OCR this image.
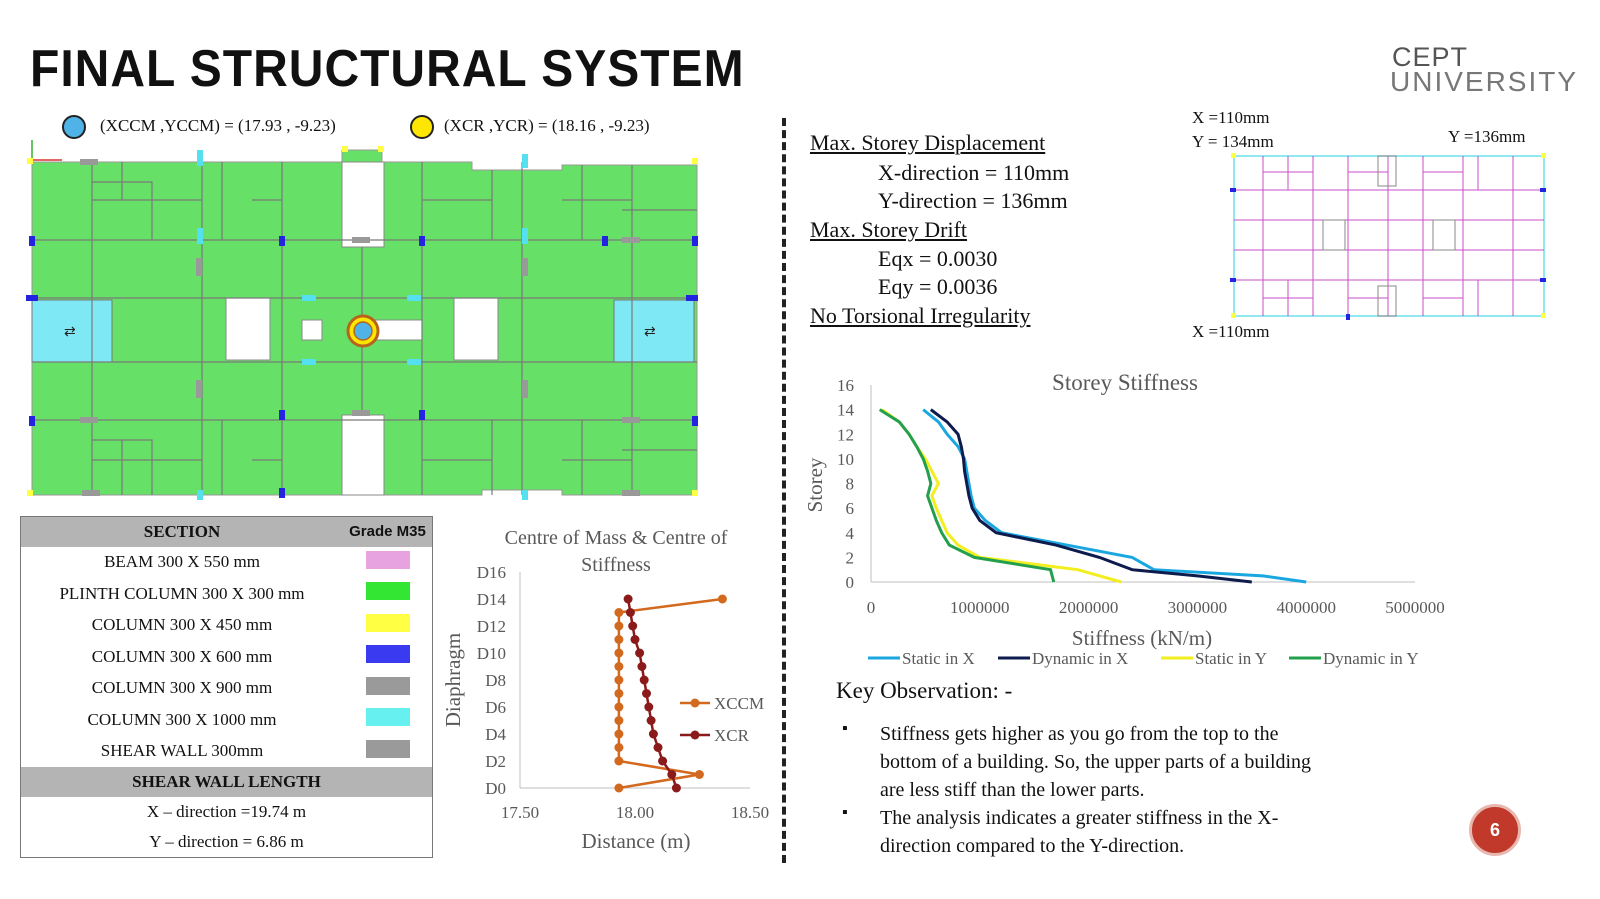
FINAL STRUCTURAL SYSTEM	CEPT
UNIVERSITY
(XCCM ,YCCM) = (17.93 , -9.23)	(XCR ,YCR) = (18.16 , -9.23)
⇄	⇄
SECTION	Grade M35
BEAM 300 X 550 mm	
PLINTH COLUMN 300 X 300 mm	
COLUMN 300 X 450 mm	
COLUMN 300 X 600 mm	
COLUMN 300 X 900 mm	
COLUMN 300 X 1000 mm	
SHEAR WALL 300mm	
SHEAR WALL LENGTH	
X – direction =19.74 m	
Y – direction = 6.86 m	
Centre of Mass & Centre of
Stiffness
D0
D2
D4
D6
D8
D10
D12
D14
D16
17.50	18.00	18.50
Distance (m)
Diaphragm	XCCM
XCR
Max. Storey Displacement
X-direction = 110mm
Y-direction = 136mm
Max. Storey Drift
Eqx = 0.0030
Eqy = 0.0036
No Torsional Irregularity
X =110mm
Y = 134mm	Y =136mm
X =110mm
Storey Stiffness
0
2
4
6
8
10
12
14
16
0	1000000	2000000	3000000	4000000	5000000
Stiffness (kN/m)
Storey
Static in X	Dynamic in X	Static in Y	Dynamic in Y
Key Observation: -
▪ Stiffness gets higher as you go from the top to the
bottom of a building. So, the upper parts of a building
are less stiff than the lower parts.
▪ The analysis indicates a greater stiffness in the X-
direction compared to the Y-direction.
6
